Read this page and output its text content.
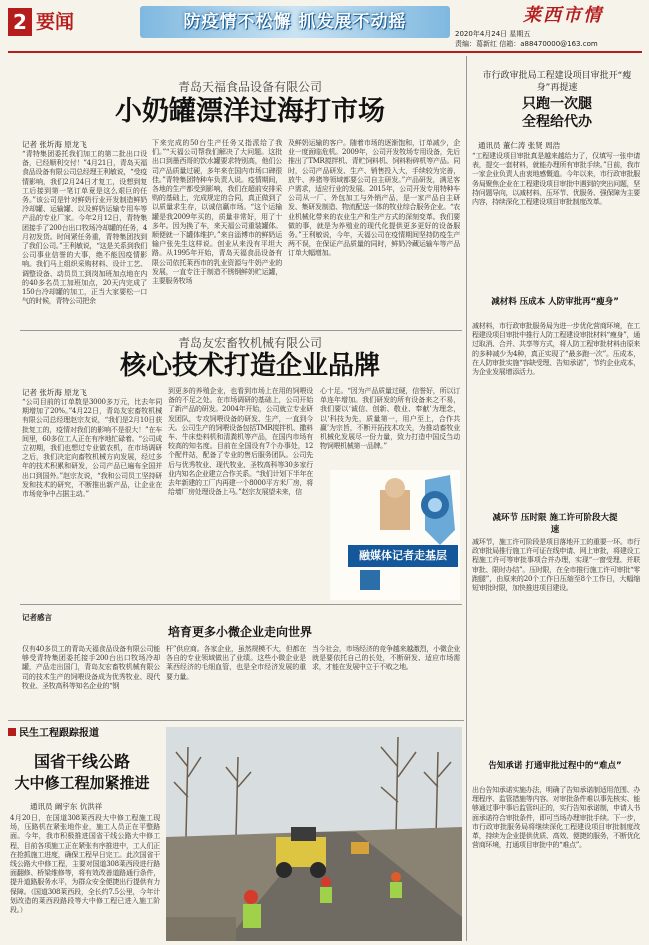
2 要闻	防疫情不松懈 抓发展不动摇	莱西市情
2020年4月24日 星期五
责编：葛新红 信箱：a88470000@163.com
青岛天福食品设备有限公司
小奶罐漂洋过海打市场
记者 张圻海 原龙飞
“青特集团委托我们加工的第二批出口设备，已经顺利交付！”4月21日，青岛天福食品设备有限公司总经理王利敏说，“受疫情影响，我们2月24日才复工，设想到复工后接到第一笔订单竟是这么艰巨的任务。”该公司是针对鲜奶行业开发制造鲜奶冷却罐、运输罐、以及鲜奶运输专用车等产品的专业厂家。今年2月12日，青特集团接手了200台出口牧场冷却罐的任务，4月初发货。时间紧任务重，青特集团找到了我们公司。”王利敏说，“这是关系到我们公司事业信誉的大事，绝不能因疫情影响。我们马上组织采购材料、设计工艺、调整设备、动员员工到岗加班加点地在内的40多名员工加班加点，20天内完成了150台冷却罐的加工，正当大家要松一口气的时候，青特公司把余
下来完成的50台生产任务又指派给了我们。”“天福公司帮我们解决了大问题。这批出口到墨西哥的饮水罐要求特别高，他们公司产品质量过硬，多年来在国内市场口碑很佳。”青特集团特种车负责人说。疫情期间，各地的生产都受到影响，我们在超前安排采购的基础上，完成规定的合同，真正做到了以质量求生存，以诚信赢市场。“这个运输罐是我2009年买的，质量非常好，用了十多年。因为换了车，来天福公司重装罐体。顺便就一下罐体维护。”来自淄博市的鲜奶运输户张先生这样说。创业从来没有平坦大路。从1995年开始，青岛天福食品设备有限公司依托莱西市的乳业资源与牛奶产业的发展，一直专注于制造不锈钢鲜奶贮运罐，主要服务牧场
及鲜奶运输的客户。随着市场的逐渐饱和，订单减少，企业一度面临危机。2009年，公司开发牧场专用设备，先后推出了TMR搅拌机、青贮饲料机、饲料粉碎机等产品。同时，公司产品研发、生产、销售投入大，手续较为完善，放牛、养猪等领域都要公司自主研发。”产品研发，满足客户需求，适应行业的发展。2015年，公司开发专用特种车公司从一厂、外包加工与外销产品，是一家产品自主研发、集研发制造、物流配送一体的牧业综合服务企业。“农业机械化带来的农业生产和生产方式的深刻变革。我们要做的事，就是为养殖业的现代化提供更多更好的设备服务。”王利敏说，今年，天福公司在疫情期间坚持防疫生产两不误，在保证产品质量的同时，鲜奶冷藏运输车等产品订单大幅增加。
青岛友宏畜牧机械有限公司
核心技术打造企业品牌
记者 张圻海 原龙飞
“公司目前的订单数是3000多万元，比去年同期增加了20%。”4月22日，青岛友宏畜牧机械有限公司总经理赵宗友说，“我们是2月10日获批复工的，疫情对我们的影响不是很大！”在车间里，60多位工人正在有序地忙碌着。“公司成立初期，我们也想过专业做农机，在市场调研之后，我们决定向畜牧机械方向发展，经过多年的技术积累和研发，公司产品已遍布全国并出口到国外。”赵宗友说，“我和公司员工坚持研发和技术的研究，不断推出新产品，让企业在市场竞争中占据主动。”
到更多的养殖企业，也看到市场上在用的饲喂设备的不足之处。在市场调研的基础上，公司开始了新产品的研发。2004年开始，公司就立专业研发团队，专攻饲喂设备的研发、生产，一直到今天。公司生产的饲喂设备包括TMR搅拌机、撒料车、牛床垫料机和清粪机等产品，在国内市场有较高的知名度。目前在全国设有7个办事处，12个配件站，配备了专业的售后服务团队。公司先后与优秀牧业、现代牧业、圣牧高科等30多家行业内知名企业建立合作关系。“我们计划下半年在去年新建的工厂内再建一个8000平方米厂房，将给墙厂房处理设备上马。”赵宗友展望未来，信
心十足。“因为产品质量过硬，信誉好，所以订单连年增加。我们研发的所有设备来之不易，我们要以‘诚信、创新、敬业、奉献’为理念，以‘科技为先，质量第一，用户至上，合作共赢’为宗旨，不断开拓技术攻关，为推动畜牧业机械化发展尽一份力量，致力打造中国反刍动物饲喂机械第一品牌。”
融媒体记者走基层
记者感言
培育更多小微企业走向世界
仅有40多员工的青岛天福食品设备有限公司能够受青特集团委托接手200台出口牧场冷却罐，产品走出国门，青岛友宏畜牧机械有限公司的技术生产的饲喂设备成为优秀牧业、现代牧业、圣牧高科等知名企业的“钢
杆”供应商。各家企业，虽然规模不大，但都在各自的专业领域做出了业绩。这些小微企业是莱西经济的毛细血管，也是全市经济发展的重要力量。
当今社会，市场经济的竞争越来越激烈，小微企业就是要依托自己的长处，不断研发、适应市场需求，才能在发展中立于不败之地。
民生工程跟踪报道
国省干线公路
大中修工程加紧推进
通讯员 阚宇东 伉洪祥
4月20日，在国道308莱西段大中修工程施工现场，压路机在紧张地作业，施工人员正在平整路面。今年，我市积极推进国省干线公路大中修工程，目前各项施工正在紧张有序推进中，工人们正在抢抓施工进度，确保工程早日完工。此次国省干线公路大中修工程，主要对国道308莱西段进行路面翻修、桥梁维修等，将有效改善道路通行条件，提升道路服务水平，为群众安全便捷出行提供有力保障。（国道308莱西段，全长约7.5公里，今年计划改造的莱西段路段等大中修工程已进入施工阶段。）
市行政审批局工程建设项目审批开“瘦身”再提速
只跑一次腿
全程给代办
通讯员 董仁涛 张贤 周浩
“工程建设项目审批真是越来越给力了，仅填写一张申请表，提交一套材料，就能办理所有审批手续。”日前，我市一家企业负责人由衷地感慨道。今年以来，市行政审批服务局聚焦企业在工程建设项目审批中遇到的突出问题，坚持问题导向，以减材料、压环节、优服务、强保障为主要内容，持续深化工程建设项目审批制度改革。
减材料 压成本 人防审批再“瘦身”
减材料，市行政审批服务局为进一步优化营商环境，在工程建设项目审批中推行人防工程建设审批材料“瘦身”，通过取消、合并、共享等方式，将人防工程审批材料由原来的多种减少为4种，真正实现了“最多跑一次”。压成本，在人防审批实施“容缺受理、告知承诺”，节约企业成本，为企业发展增添活力。
减环节 压时限 施工许可阶段大提速
减环节，施工许可阶段是项目落地开工的重要一环。市行政审批局推行施工许可证在线申请、网上审批，将建设工程施工许可等审批事项合并办理，实现“一窗受理、并联审批、限时办结”。压时限，在全市推行施工许可审批“零跑腿”，由原来的20个工作日压缩至8个工作日，大幅缩短审批时限，加快推进项目建设。
告知承诺 打通审批过程中的“难点”
出台告知承诺实施办法，明确了告知承诺制适用范围、办理程序、监管措施等内容。对审批条件难以事先核实、能够通过事中事后监管纠正的，实行告知承诺制，申请人书面承诺符合审批条件，即可当场办理审批手续。下一步，市行政审批服务局将继续深化工程建设项目审批制度改革，持续为企业提供优质、高效、便捷的服务，不断优化营商环境，打通项目审批中的“难点”。
